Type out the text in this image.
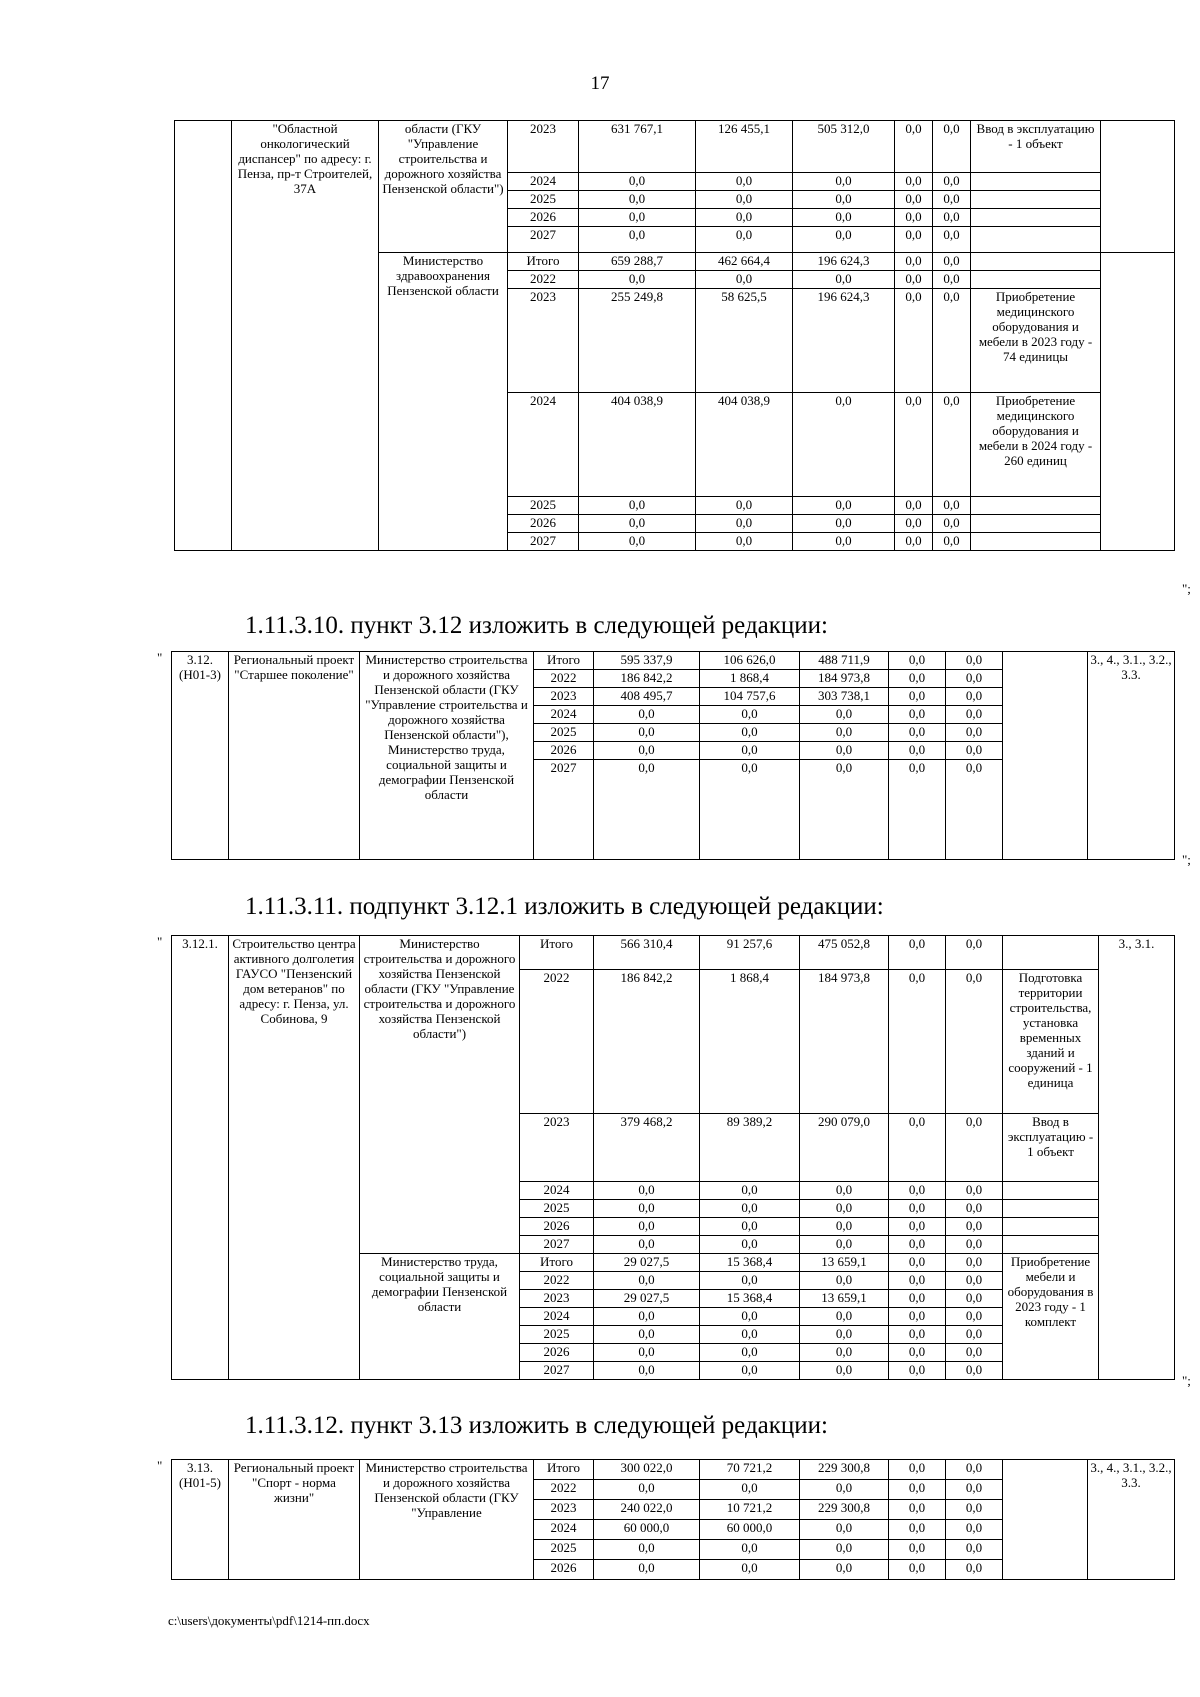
17
	"Областной онкологический диспансер" по адресу: г. Пенза, пр-т Строителей, 37А	области (ГКУ "Управление строительства и дорожного хозяйства Пензенской области")	2023	631 767,1	126 455,1	505 312,0	0,0	0,0	Ввод в эксплуатацию - 1 объект	
			2024	0,0	0,0	0,0	0,0	0,0		
			2025	0,0	0,0	0,0	0,0	0,0		
			2026	0,0	0,0	0,0	0,0	0,0		
			2027	0,0	0,0	0,0	0,0	0,0		
		Министерство здравоохранения Пензенской области	Итого	659 288,7	462 664,4	196 624,3	0,0	0,0		
			2022	0,0	0,0	0,0	0,0	0,0		
			2023	255 249,8	58 625,5	196 624,3	0,0	0,0	Приобретение медицинского оборудования и мебели в 2023 году - 74 единицы	
			2024	404 038,9	404 038,9	0,0	0,0	0,0	Приобретение медицинского оборудования и мебели в 2024 году - 260 единиц	
			2025	0,0	0,0	0,0	0,0	0,0		
			2026	0,0	0,0	0,0	0,0	0,0		
			2027	0,0	0,0	0,0	0,0	0,0		
";
1.11.3.10. пункт 3.12 изложить в следующей редакции:
" 3.12. (Н01-3)	Региональный проект "Старшее поколение"	Министерство строительства и дорожного хозяйства Пензенской области (ГКУ "Управление строительства и дорожного хозяйства Пензенской области"), Министерство труда, социальной защиты и демографии Пензенской области	Итого	595 337,9	106 626,0	488 711,9	0,0	0,0		3., 4., 3.1., 3.2., 3.3.
			2022	186 842,2	1 868,4	184 973,8	0,0	0,0		
			2023	408 495,7	104 757,6	303 738,1	0,0	0,0		
			2024	0,0	0,0	0,0	0,0	0,0		
			2025	0,0	0,0	0,0	0,0	0,0		
			2026	0,0	0,0	0,0	0,0	0,0		
			2027	0,0	0,0	0,0	0,0	0,0		
";
1.11.3.11. подпункт 3.12.1 изложить в следующей редакции:
" 3.12.1.	Строительство центра активного долголетия ГАУСО "Пензенский дом ветеранов" по адресу: г. Пенза, ул. Собинова, 9	Министерство строительства и дорожного хозяйства Пензенской области (ГКУ "Управление строительства и дорожного хозяйства Пензенской области")	Итого	566 310,4	91 257,6	475 052,8	0,0	0,0		3., 3.1.
			2022	186 842,2	1 868,4	184 973,8	0,0	0,0	Подготовка территории строительства, установка временных зданий и сооружений - 1 единица	
			2023	379 468,2	89 389,2	290 079,0	0,0	0,0	Ввод в эксплуатацию - 1 объект	
			2024	0,0	0,0	0,0	0,0	0,0		
			2025	0,0	0,0	0,0	0,0	0,0		
			2026	0,0	0,0	0,0	0,0	0,0		
			2027	0,0	0,0	0,0	0,0	0,0		
		Министерство труда, социальной защиты и демографии Пензенской области	Итого	29 027,5	15 368,4	13 659,1	0,0	0,0	Приобретение мебели и оборудования в 2023 году - 1 комплект	
			2022	0,0	0,0	0,0	0,0	0,0		
			2023	29 027,5	15 368,4	13 659,1	0,0	0,0		
			2024	0,0	0,0	0,0	0,0	0,0		
			2025	0,0	0,0	0,0	0,0	0,0		
			2026	0,0	0,0	0,0	0,0	0,0		
			2027	0,0	0,0	0,0	0,0	0,0		
";
1.11.3.12. пункт 3.13 изложить в следующей редакции:
" 3.13. (Н01-5)	Региональный проект "Спорт - норма жизни"	Министерство строительства и дорожного хозяйства Пензенской области (ГКУ "Управление	Итого	300 022,0	70 721,2	229 300,8	0,0	0,0		3., 4., 3.1., 3.2., 3.3.
			2022	0,0	0,0	0,0	0,0	0,0		
			2023	240 022,0	10 721,2	229 300,8	0,0	0,0		
			2024	60 000,0	60 000,0	0,0	0,0	0,0		
			2025	0,0	0,0	0,0	0,0	0,0		
			2026	0,0	0,0	0,0	0,0	0,0		
c:\users\документы\pdf\1214-пп.docx
